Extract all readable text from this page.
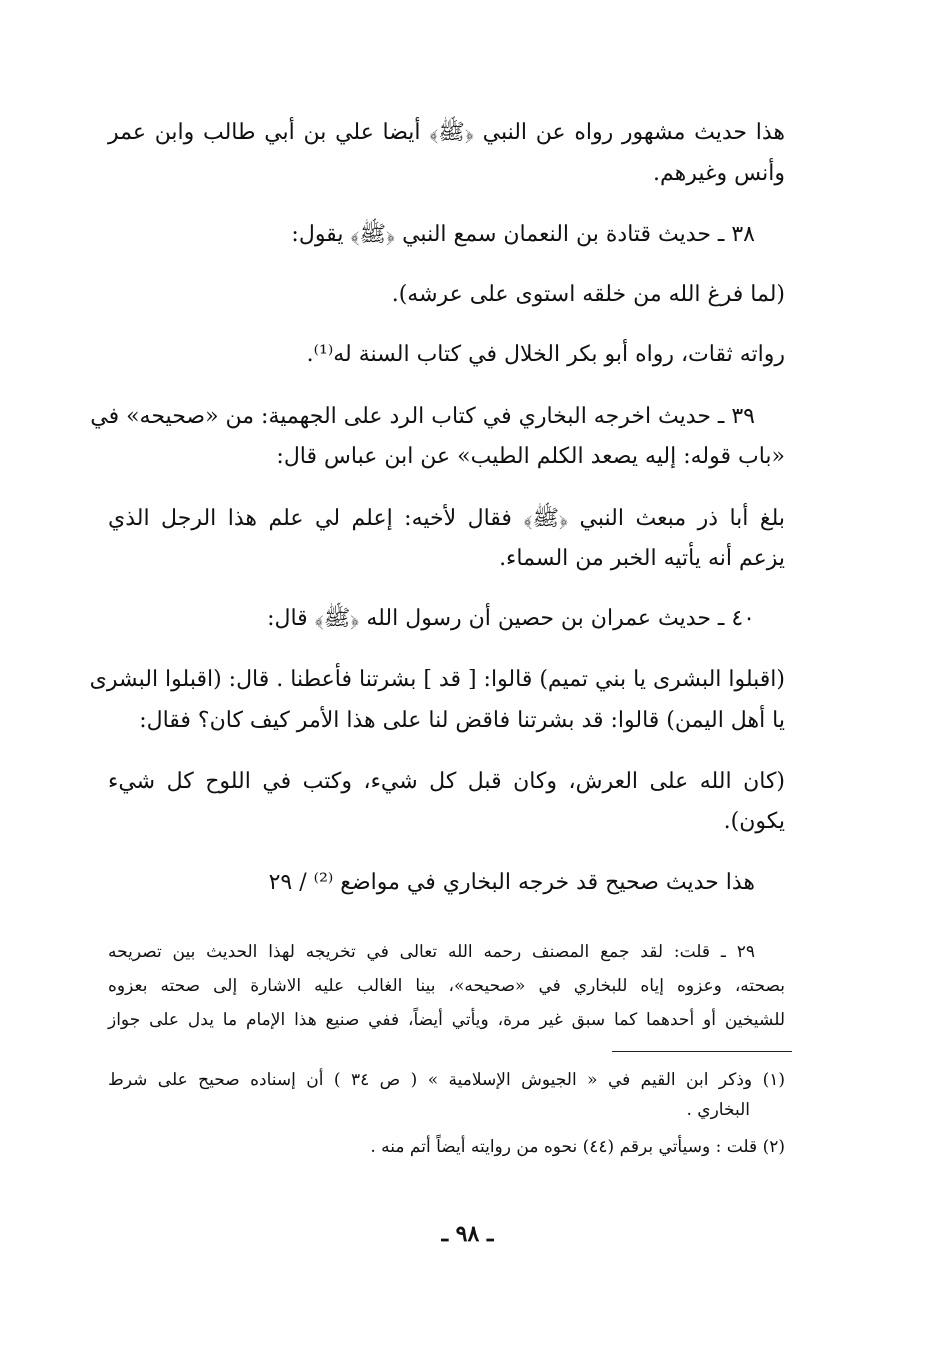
هذا حديث مشهور رواه عن النبي ﴿ﷺ﴾ أيضا علي بن أبي طالب وابن عمر
وأنس وغيرهم.
٣٨ ـ حديث قتادة بن النعمان سمع النبي ﴿ﷺ﴾ يقول:
(لما فرغ الله من خلقه استوى على عرشه).
رواته ثقات، رواه أبو بكر الخلال في كتاب السنة له⁽¹⁾.
٣٩ ـ حديث اخرجه البخاري في كتاب الرد على الجهمية: من «صحيحه» في
«باب قوله: إليه يصعد الكلم الطيب» عن ابن عباس قال:
بلغ أبا ذر مبعث النبي ﴿ﷺ﴾ فقال لأخيه: إعلم لي علم هذا الرجل الذي
يزعم أنه يأتيه الخبر من السماء.
٤٠ ـ حديث عمران بن حصين أن رسول الله ﴿ﷺ﴾ قال:
(اقبلوا البشرى يا بني تميم) قالوا: [ قد ] بشرتنا فأعطنا . قال: (اقبلوا البشرى
يا أهل اليمن) قالوا: قد بشرتنا فاقض لنا على هذا الأمر كيف كان؟ فقال:
(كان الله على العرش، وكان قبل كل شيء، وكتب في اللوح كل شيء
يكون).
هذا حديث صحيح قد خرجه البخاري في مواضع ⁽²⁾ / ٢٩
٢٩ ـ قلت: لقد جمع المصنف رحمه الله تعالى في تخريجه لهذا الحديث بين تصريحه
بصحته، وعزوه إياه للبخاري في «صحيحه»، بينا الغالب عليه الاشارة إلى صحته بعزوه
للشيخين أو أحدهما كما سبق غير مرة، ويأتي أيضاً، ففي صنيع هذا الإمام ما يدل على جواز
(١) وذكر ابن القيم في « الجيوش الإسلامية » ( ص ٣٤ ) أن إسناده صحيح على شرط
البخاري .
(٢) قلت : وسيأتي برقم (٤٤) نحوه من روايته أيضاً أتم منه .
ـ ٩٨ ـ
